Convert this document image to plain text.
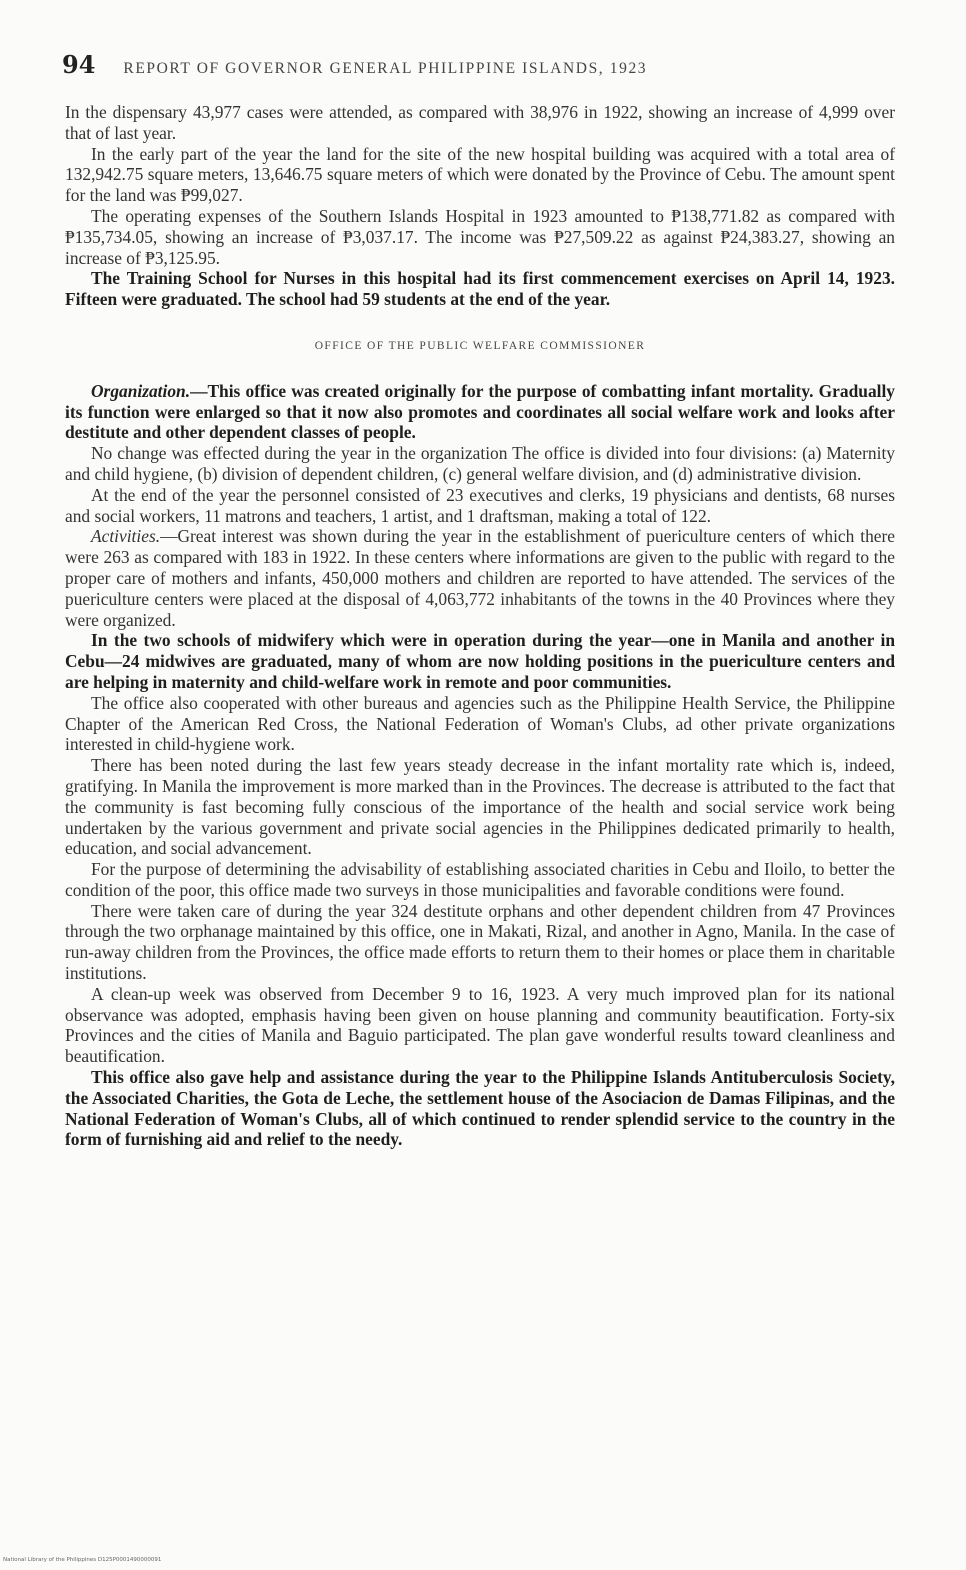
94 REPORT OF GOVERNOR GENERAL PHILIPPINE ISLANDS, 1923

In the dispensary 43,977 cases were attended, as compared with 38,976 in 1922, showing an increase of 4,999 over that of last year.

In the early part of the year the land for the site of the new hospital building was acquired with a total area of 132,942.75 square meters, 13,646.75 square meters of which were donated by the Province of Cebu. The amount spent for the land was ₱99,027.

The operating expenses of the Southern Islands Hospital in 1923 amounted to ₱138,771.82 as compared with ₱135,734.05, showing an increase of ₱3,037.17. The income was ₱27,509.22 as against ₱24,383.27, showing an increase of ₱3,125.95.

The Training School for Nurses in this hospital had its first commencement exercises on April 14, 1923. Fifteen were graduated. The school had 59 students at the end of the year.

OFFICE OF THE PUBLIC WELFARE COMMISSIONER

Organization.—This office was created originally for the purpose of combatting infant mortality. Gradually its function were enlarged so that it now also promotes and coordinates all social welfare work and looks after destitute and other dependent classes of people.

No change was effected during the year in the organization The office is divided into four divisions: (a) Maternity and child hygiene, (b) division of dependent children, (c) general welfare division, and (d) administrative division.

At the end of the year the personnel consisted of 23 executives and clerks, 19 physicians and dentists, 68 nurses and social workers, 11 matrons and teachers, 1 artist, and 1 draftsman, making a total of 122.

Activities.—Great interest was shown during the year in the establishment of puericulture centers of which there were 263 as compared with 183 in 1922. In these centers where informations are given to the public with regard to the proper care of mothers and infants, 450,000 mothers and children are reported to have attended. The services of the puericulture centers were placed at the disposal of 4,063,772 inhabitants of the towns in the 40 Provinces where they were organized.

In the two schools of midwifery which were in operation during the year—one in Manila and another in Cebu—24 midwives are graduated, many of whom are now holding positions in the puericulture centers and are helping in maternity and child-welfare work in remote and poor communities.

The office also cooperated with other bureaus and agencies such as the Philippine Health Service, the Philippine Chapter of the American Red Cross, the National Federation of Woman's Clubs, ad other private organizations interested in child-hygiene work.

There has been noted during the last few years steady decrease in the infant mortality rate which is, indeed, gratifying. In Manila the improvement is more marked than in the Provinces. The decrease is attributed to the fact that the community is fast becoming fully conscious of the importance of the health and social service work being undertaken by the various government and private social agencies in the Philippines dedicated primarily to health, education, and social advancement.

For the purpose of determining the advisability of establishing associated charities in Cebu and Iloilo, to better the condition of the poor, this office made two surveys in those municipalities and favorable conditions were found.

There were taken care of during the year 324 destitute orphans and other dependent children from 47 Provinces through the two orphanage maintained by this office, one in Makati, Rizal, and another in Agno, Manila. In the case of run-away children from the Provinces, the office made efforts to return them to their homes or place them in charitable institutions.

A clean-up week was observed from December 9 to 16, 1923. A very much improved plan for its national observance was adopted, emphasis having been given on house planning and community beautification. Forty-six Provinces and the cities of Manila and Baguio participated. The plan gave wonderful results toward cleanliness and beautification.

This office also gave help and assistance during the year to the Philippine Islands Antituberculosis Society, the Associated Charities, the Gota de Leche, the settlement house of the Asociacion de Damas Filipinas, and the National Federation of Woman's Clubs, all of which continued to render splendid service to the country in the form of furnishing aid and relief to the needy.

National Library of the Philippines D125P0001490000091
